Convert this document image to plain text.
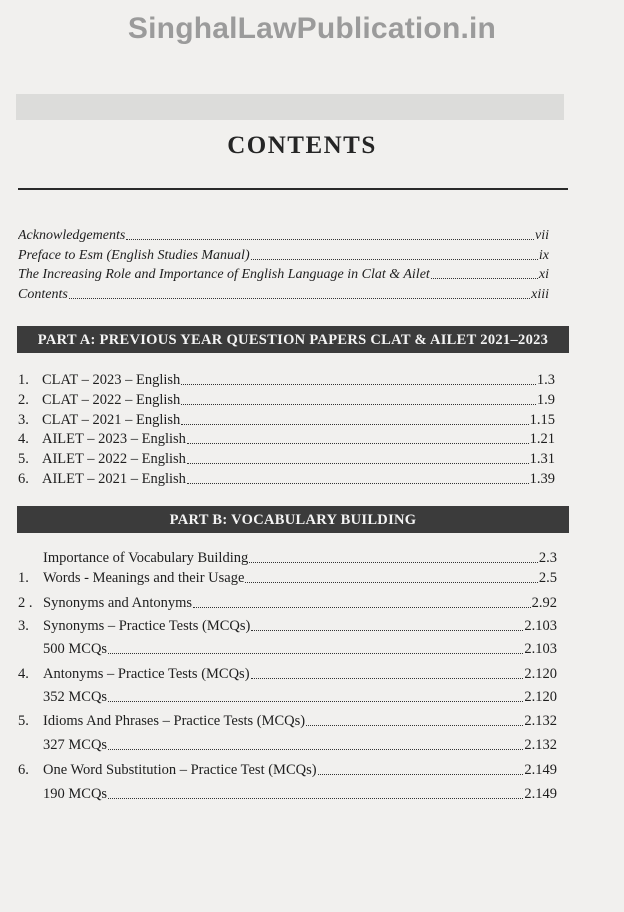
SinghalLawPublication.in
CONTENTS
Acknowledgements	vii
Preface to Esm (English Studies Manual)	ix
The Increasing Role and Importance of English Language in Clat & Ailet	xi
Contents	xiii
PART A: PREVIOUS YEAR QUESTION PAPERS CLAT & AILET 2021–2023
1. CLAT – 2023 – English	1.3
2. CLAT – 2022 – English	1.9
3. CLAT – 2021 – English	1.15
4. AILET – 2023 – English	1.21
5. AILET – 2022 – English	1.31
6. AILET – 2021 – English	1.39
PART B: VOCABULARY BUILDING
Importance of Vocabulary Building	2.3
1. Words - Meanings and their Usage	2.5
2 . Synonyms and Antonyms	2.92
3. Synonyms – Practice Tests (MCQs)	2.103
500 MCQs	2.103
4. Antonyms – Practice Tests (MCQs)	2.120
352 MCQs	2.120
5. Idioms And Phrases – Practice Tests (MCQs)	2.132
327 MCQs	2.132
6. One Word Substitution – Practice Test (MCQs)	2.149
190 MCQs	2.149
